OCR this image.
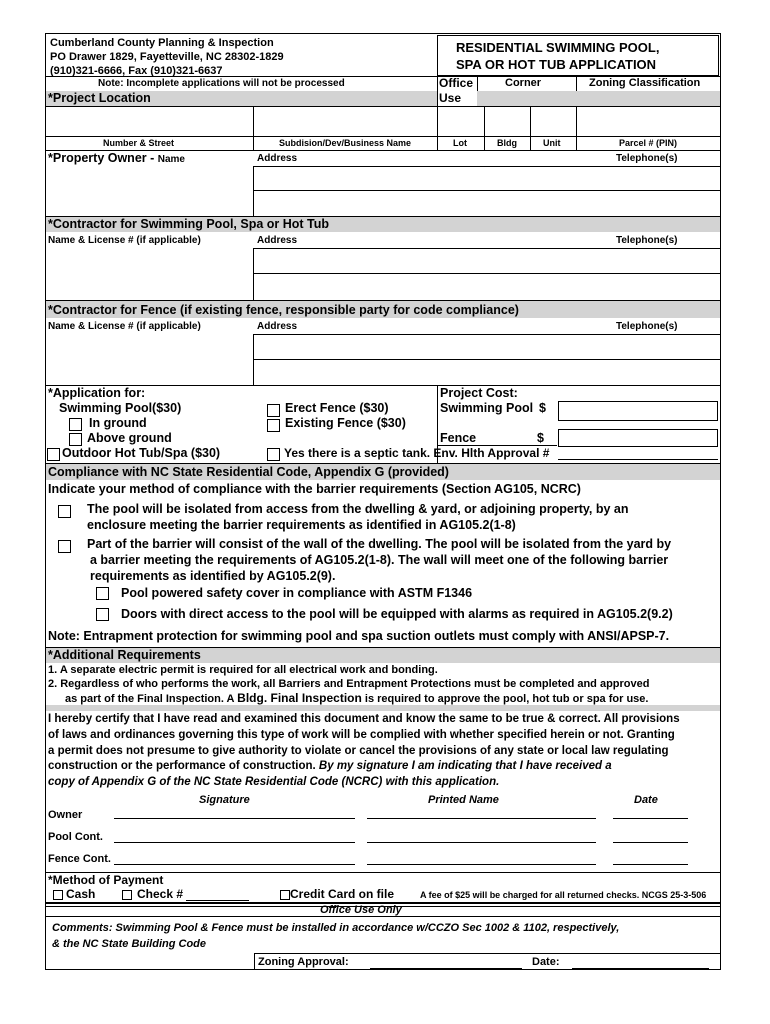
Cumberland County Planning & Inspection
PO Drawer 1829, Fayetteville, NC 28302-1829
(910)321-6666, Fax (910)321-6637
RESIDENTIAL SWIMMING POOL,
SPA OR HOT TUB APPLICATION
Note: Incomplete applications will not be processed	Office
Use
Corner	Zoning Classification
*Project Location
Number & Street	Subdision/Dev/Business Name	Lot	Bldg	Unit	Parcel # (PIN)
*Property Owner - Name	Address	Telephone(s)
*Contractor for Swimming Pool, Spa or Hot Tub
Name & License # (if applicable)	Address	Telephone(s)
*Contractor for Fence (if existing fence, responsible party for code compliance)
Name & License # (if applicable)	Address	Telephone(s)
*Application for:	Project Cost:
Swimming Pool($30)
In ground
Above ground
Outdoor Hot Tub/Spa ($30)
Erect Fence ($30)
Existing Fence ($30)
Yes there is a septic tank. Env. Hlth Approval #
Swimming Pool $
Fence	$
Compliance with NC State Residential Code, Appendix G (provided)
Indicate your method of compliance with the barrier requirements (Section AG105, NCRC)
The pool will be isolated from access from the dwelling & yard, or adjoining property, by an
enclosure meeting the barrier requirements as identified in AG105.2(1-8)
Part of the barrier will consist of the wall of the dwelling. The pool will be isolated from the yard by
a barrier meeting the requirements of AG105.2(1-8). The wall will meet one of the following barrier
requirements as identified by AG105.2(9).
Pool powered safety cover in compliance with ASTM F1346
Doors with direct access to the pool will be equipped with alarms as required in AG105.2(9.2)
Note: Entrapment protection for swimming pool and spa suction outlets must comply with ANSI/APSP-7.
*Additional Requirements
1. A separate electric permit is required for all electrical work and bonding.
2. Regardless of who performs the work, all Barriers and Entrapment Protections must be completed and approved
as part of the Final Inspection. A Bldg. Final Inspection is required to approve the pool, hot tub or spa for use.
I hereby certify that I have read and examined this document and know the same to be true & correct. All provisions
of laws and ordinances governing this type of work will be complied with whether specified herein or not. Granting
a permit does not presume to give authority to violate or cancel the provisions of any state or local law regulating
construction or the performance of construction. By my signature I am indicating that I have received a
copy of Appendix G of the NC State Residential Code (NCRC) with this application.
Signature	Printed Name	Date
Owner
Pool Cont.
Fence Cont.
*Method of Payment
Cash	Check #	Credit Card on file	A fee of $25 will be charged for all returned checks. NCGS 25-3-506
Office Use Only
Comments: Swimming Pool & Fence must be installed in accordance w/CCZO Sec 1002 & 1102, respectively,
& the NC State Building Code
Zoning Approval:	Date:
